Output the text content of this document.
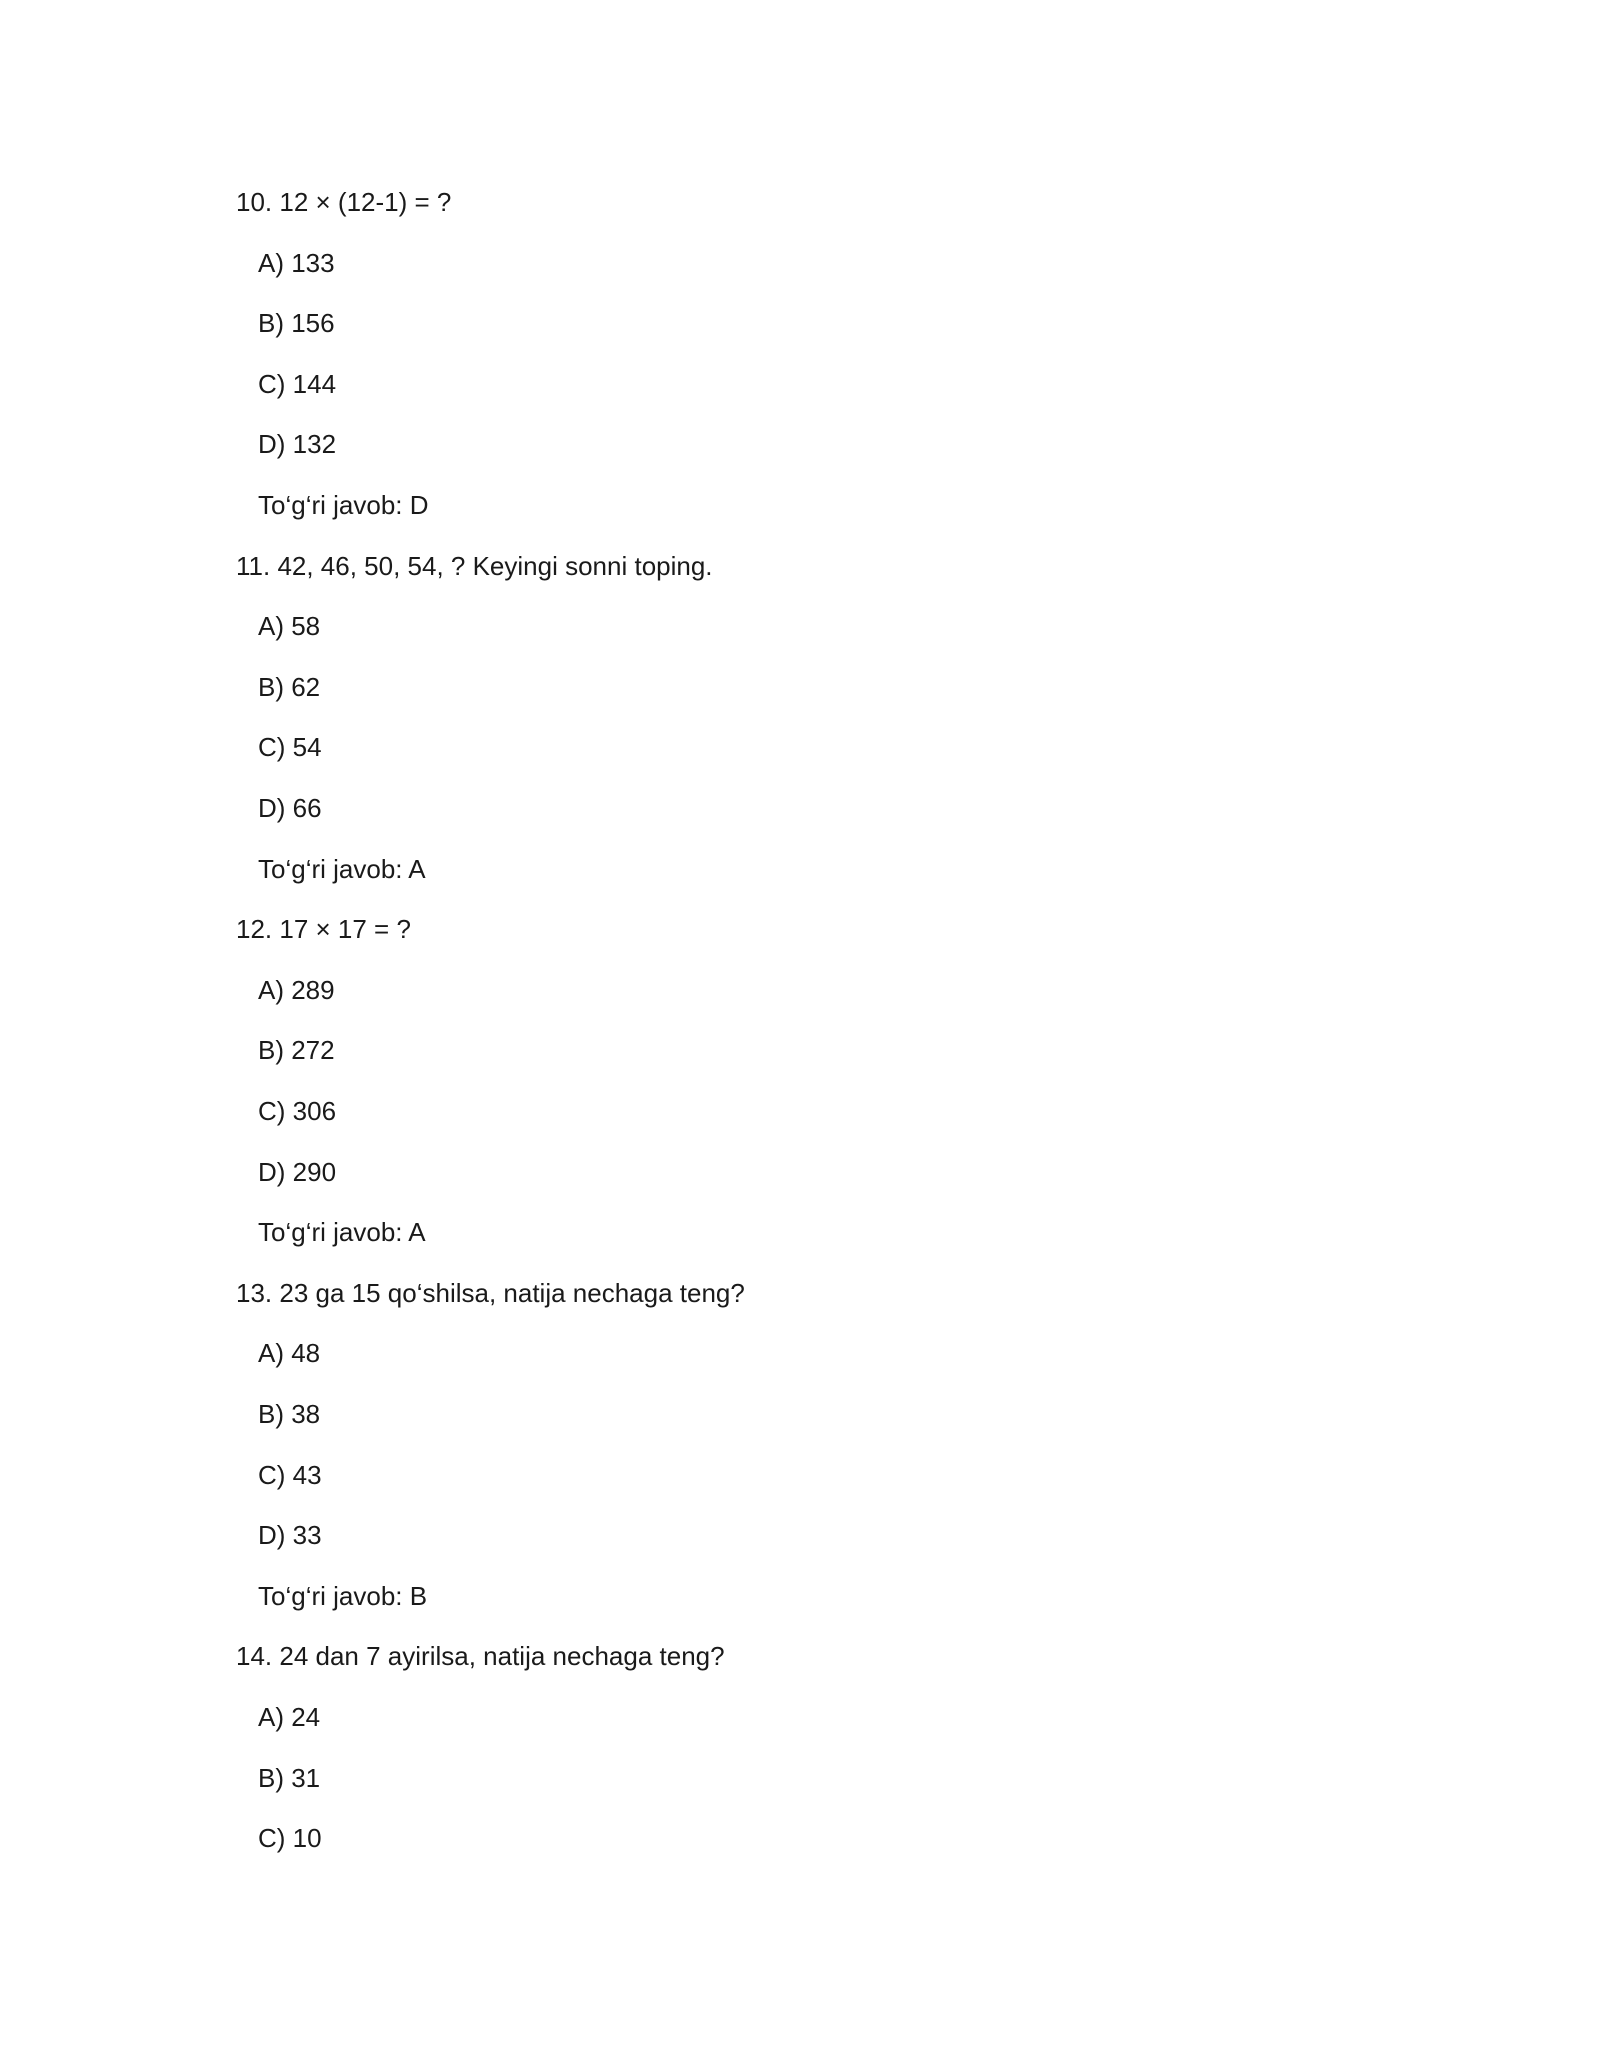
10. 12 × (12-1) = ?
A) 133
B) 156
C) 144
D) 132
To‘g‘ri javob: D
11. 42, 46, 50, 54, ? Keyingi sonni toping.
A) 58
B) 62
C) 54
D) 66
To‘g‘ri javob: A
12. 17 × 17 = ?
A) 289
B) 272
C) 306
D) 290
To‘g‘ri javob: A
13. 23 ga 15 qo‘shilsa, natija nechaga teng?
A) 48
B) 38
C) 43
D) 33
To‘g‘ri javob: B
14. 24 dan 7 ayirilsa, natija nechaga teng?
A) 24
B) 31
C) 10
